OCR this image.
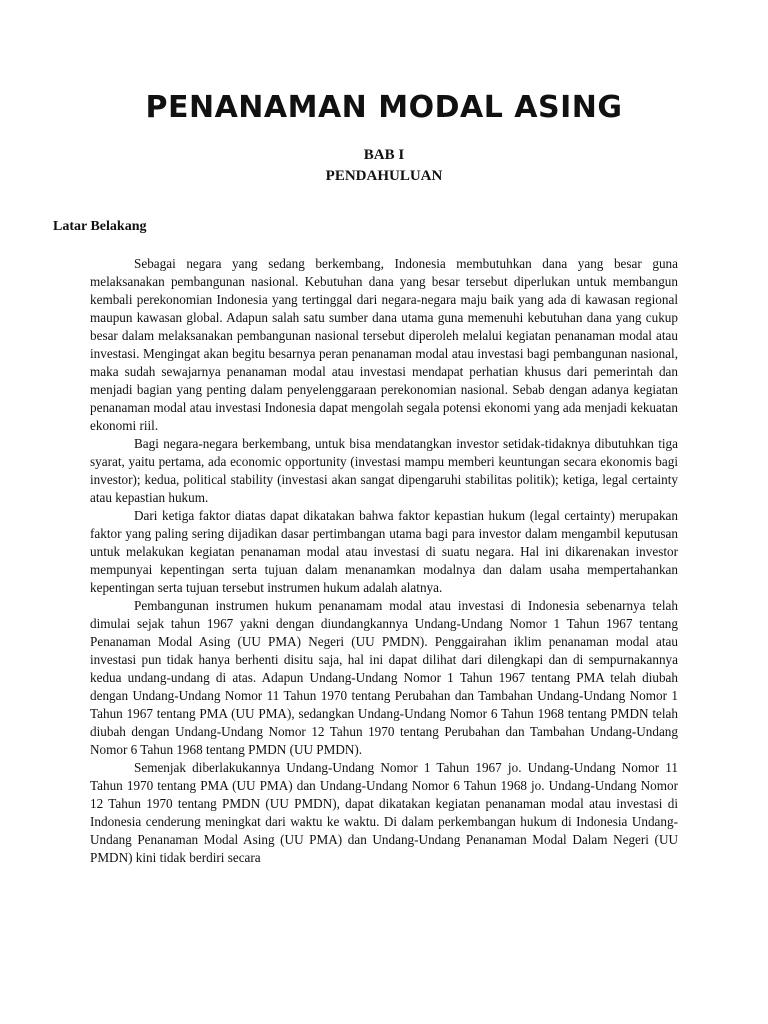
PENANAMAN MODAL ASING
BAB I
PENDAHULUAN
Latar Belakang

Sebagai negara yang sedang berkembang, Indonesia membutuhkan dana yang besar guna melaksanakan pembangunan nasional. Kebutuhan dana yang besar tersebut diperlukan untuk membangun kembali perekonomian Indonesia yang tertinggal dari negara-negara maju baik yang ada di kawasan regional maupun kawasan global. Adapun salah satu sumber dana utama guna memenuhi kebutuhan dana yang cukup besar dalam melaksanakan pembangunan nasional tersebut diperoleh melalui kegiatan penanaman modal atau investasi. Mengingat akan begitu besarnya peran penanaman modal atau investasi bagi pembangunan nasional, maka sudah sewajarnya penanaman modal atau investasi mendapat perhatian khusus dari pemerintah dan menjadi bagian yang penting dalam penyelenggaraan perekonomian nasional. Sebab dengan adanya kegiatan penanaman modal atau investasi Indonesia dapat mengolah segala potensi ekonomi yang ada menjadi kekuatan ekonomi riil.

Bagi negara-negara berkembang, untuk bisa mendatangkan investor setidak-tidaknya dibutuhkan tiga syarat, yaitu pertama, ada economic opportunity (investasi mampu memberi keuntungan secara ekonomis bagi investor); kedua, political stability (investasi akan sangat dipengaruhi stabilitas politik); ketiga, legal certainty atau kepastian hukum.

Dari ketiga faktor diatas dapat dikatakan bahwa faktor kepastian hukum (legal certainty) merupakan faktor yang paling sering dijadikan dasar pertimbangan utama bagi para investor dalam mengambil keputusan untuk melakukan kegiatan penanaman modal atau investasi di suatu negara. Hal ini dikarenakan investor mempunyai kepentingan serta tujuan dalam menanamkan modalnya dan dalam usaha mempertahankan kepentingan serta tujuan tersebut instrumen hukum adalah alatnya.

Pembangunan instrumen hukum penanamam modal atau investasi di Indonesia sebenarnya telah dimulai sejak tahun 1967 yakni dengan diundangkannya Undang-Undang Nomor 1 Tahun 1967 tentang Penanaman Modal Asing (UU PMA) Negeri (UU PMDN). Penggairahan iklim penanaman modal atau investasi pun tidak hanya berhenti disitu saja, hal ini dapat dilihat dari dilengkapi dan di sempurnakannya kedua undang-undang di atas. Adapun Undang-Undang Nomor 1 Tahun 1967 tentang PMA telah diubah dengan Undang-Undang Nomor 11 Tahun 1970 tentang Perubahan dan Tambahan Undang-Undang Nomor 1 Tahun 1967 tentang PMA (UU PMA), sedangkan Undang-Undang Nomor 6 Tahun 1968 tentang PMDN telah diubah dengan Undang-Undang Nomor 12 Tahun 1970 tentang Perubahan dan Tambahan Undang-Undang Nomor 6 Tahun 1968 tentang PMDN (UU PMDN).

Semenjak diberlakukannya Undang-Undang Nomor 1 Tahun 1967 jo. Undang-Undang Nomor 11 Tahun 1970 tentang PMA (UU PMA) dan Undang-Undang Nomor 6 Tahun 1968 jo. Undang-Undang Nomor 12 Tahun 1970 tentang PMDN (UU PMDN), dapat dikatakan kegiatan penanaman modal atau investasi di Indonesia cenderung meningkat dari waktu ke waktu. Di dalam perkembangan hukum di Indonesia Undang-Undang Penanaman Modal Asing (UU PMA) dan Undang-Undang Penanaman Modal Dalam Negeri (UU PMDN) kini tidak berdiri secara
